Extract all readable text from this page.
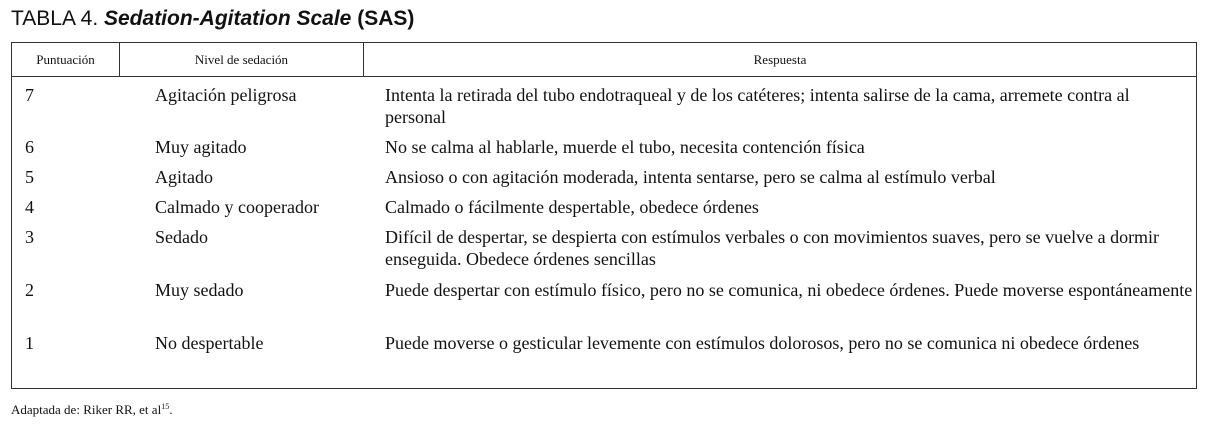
TABLA 4. Sedation-Agitation Scale (SAS)
Puntuación	Nivel de sedación	Respuesta
7	Agitación peligrosa	Intenta la retirada del tubo endotraqueal y de los catéteres; intenta salirse de la cama, arremete contra al personal
6	Muy agitado	No se calma al hablarle, muerde el tubo, necesita contención física
5	Agitado	Ansioso o con agitación moderada, intenta sentarse, pero se calma al estímulo verbal
4	Calmado y cooperador	Calmado o fácilmente despertable, obedece órdenes
3	Sedado	Difícil de despertar, se despierta con estímulos verbales o con movimientos suaves, pero se vuelve a dormir enseguida. Obedece órdenes sencillas
2	Muy sedado	Puede despertar con estímulo físico, pero no se comunica, ni obedece órdenes. Puede moverse espontáneamente
1	No despertable	Puede moverse o gesticular levemente con estímulos dolorosos, pero no se comunica ni obedece órdenes
Adaptada de: Riker RR, et $al^{15}$.
